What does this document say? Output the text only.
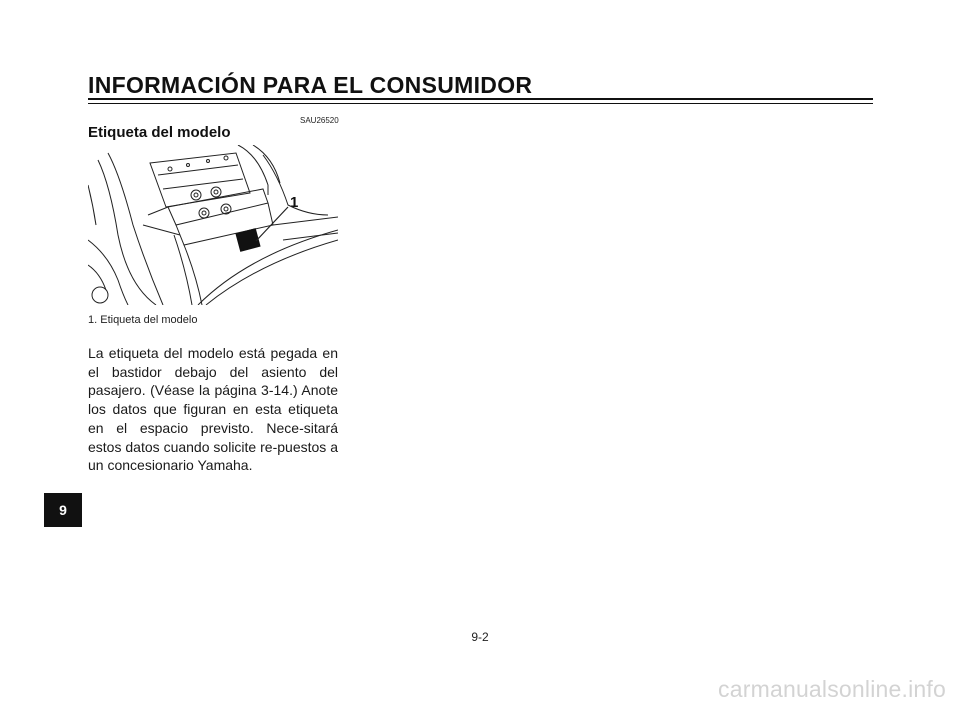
INFORMACIÓN PARA EL CONSUMIDOR
SAU26520
Etiqueta del modelo
1
1. Etiqueta del modelo
La etiqueta del modelo está pegada en el bastidor debajo del asiento del pasajero. (Véase la página 3-14.) Anote los datos que figuran en esta etiqueta en el espacio previsto. Nece-sitará estos datos cuando solicite re-puestos a un concesionario Yamaha.
9
9-2
carmanualsonline.info
